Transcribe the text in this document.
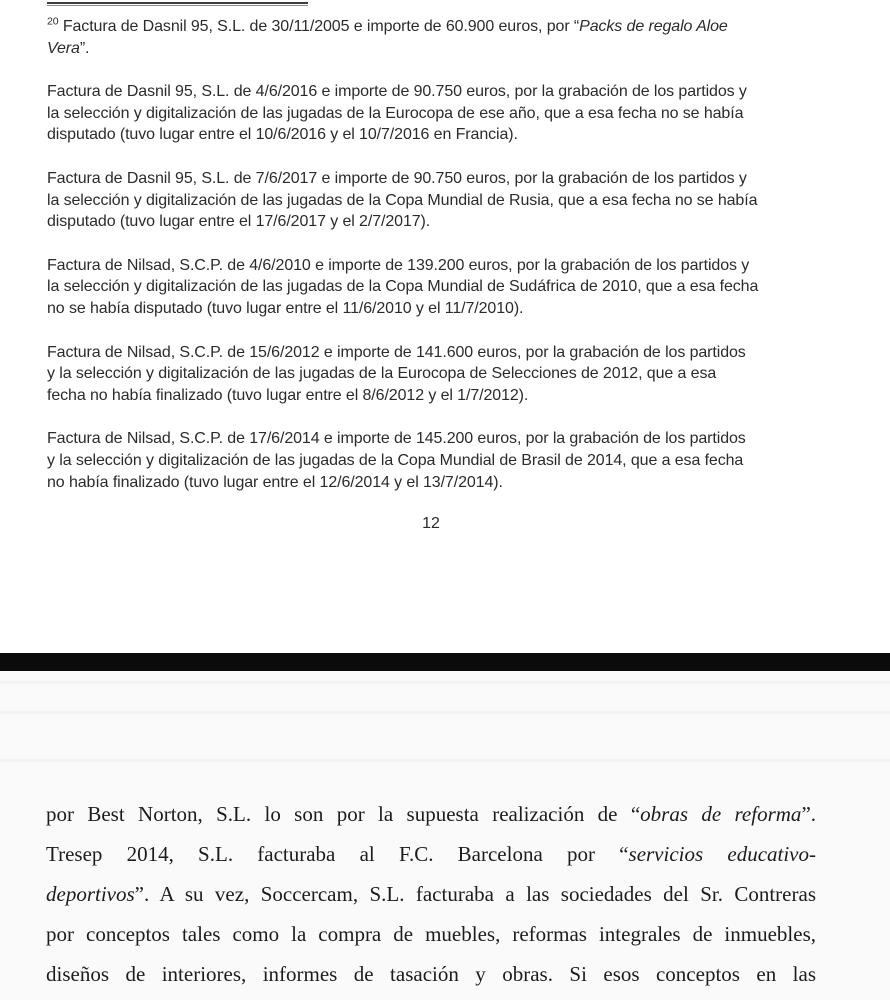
$^{20}$ Factura de Dasnil 95, S.L. de 30/11/2005 e importe de 60.900 euros, por “Packs de regalo Aloe
Vera”.
Factura de Dasnil 95, S.L. de 4/6/2016 e importe de 90.750 euros, por la grabación de los partidos y
la selección y digitalización de las jugadas de la Eurocopa de ese año, que a esa fecha no se había
disputado (tuvo lugar entre el 10/6/2016 y el 10/7/2016 en Francia).
Factura de Dasnil 95, S.L. de 7/6/2017 e importe de 90.750 euros, por la grabación de los partidos y
la selección y digitalización de las jugadas de la Copa Mundial de Rusia, que a esa fecha no se había
disputado (tuvo lugar entre el 17/6/2017 y el 2/7/2017).
Factura de Nilsad, S.C.P. de 4/6/2010 e importe de 139.200 euros, por la grabación de los partidos y
la selección y digitalización de las jugadas de la Copa Mundial de Sudáfrica de 2010, que a esa fecha
no se había disputado (tuvo lugar entre el 11/6/2010 y el 11/7/2010).
Factura de Nilsad, S.C.P. de 15/6/2012 e importe de 141.600 euros, por la grabación de los partidos
y la selección y digitalización de las jugadas de la Eurocopa de Selecciones de 2012, que a esa
fecha no había finalizado (tuvo lugar entre el 8/6/2012 y el 1/7/2012).
Factura de Nilsad, S.C.P. de 17/6/2014 e importe de 145.200 euros, por la grabación de los partidos
y la selección y digitalización de las jugadas de la Copa Mundial de Brasil de 2014, que a esa fecha
no había finalizado (tuvo lugar entre el 12/6/2014 y el 13/7/2014).
12
por Best Norton, S.L. lo son por la supuesta realización de “obras de reforma”.
Tresep 2014, S.L. facturaba al F.C. Barcelona por “servicios educativo-
deportivos”. A su vez, Soccercam, S.L. facturaba a las sociedades del Sr. Contreras
por conceptos tales como la compra de muebles, reformas integrales de inmuebles,
diseños de interiores, informes de tasación y obras. Si esos conceptos en las
